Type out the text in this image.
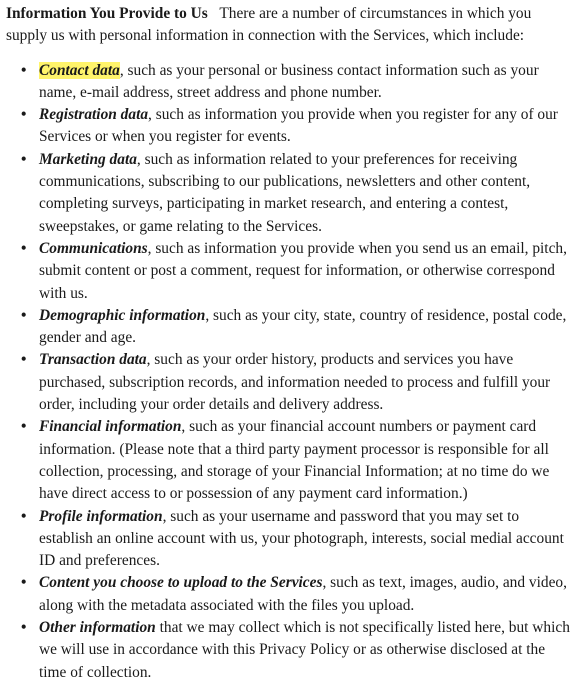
Information You Provide to Us There are a number of circumstances in which you supply us with personal information in connection with the Services, which include:

• Contact data, such as your personal or business contact information such as your name, e-mail address, street address and phone number.
• Registration data, such as information you provide when you register for any of our Services or when you register for events.
• Marketing data, such as information related to your preferences for receiving communications, subscribing to our publications, newsletters and other content, completing surveys, participating in market research, and entering a contest, sweepstakes, or game relating to the Services.
• Communications, such as information you provide when you send us an email, pitch, submit content or post a comment, request for information, or otherwise correspond with us.
• Demographic information, such as your city, state, country of residence, postal code, gender and age.
• Transaction data, such as your order history, products and services you have purchased, subscription records, and information needed to process and fulfill your order, including your order details and delivery address.
• Financial information, such as your financial account numbers or payment card information. (Please note that a third party payment processor is responsible for all collection, processing, and storage of your Financial Information; at no time do we have direct access to or possession of any payment card information.)
• Profile information, such as your username and password that you may set to establish an online account with us, your photograph, interests, social medial account ID and preferences.
• Content you choose to upload to the Services, such as text, images, audio, and video, along with the metadata associated with the files you upload.
• Other information that we may collect which is not specifically listed here, but which we will use in accordance with this Privacy Policy or as otherwise disclosed at the time of collection.
